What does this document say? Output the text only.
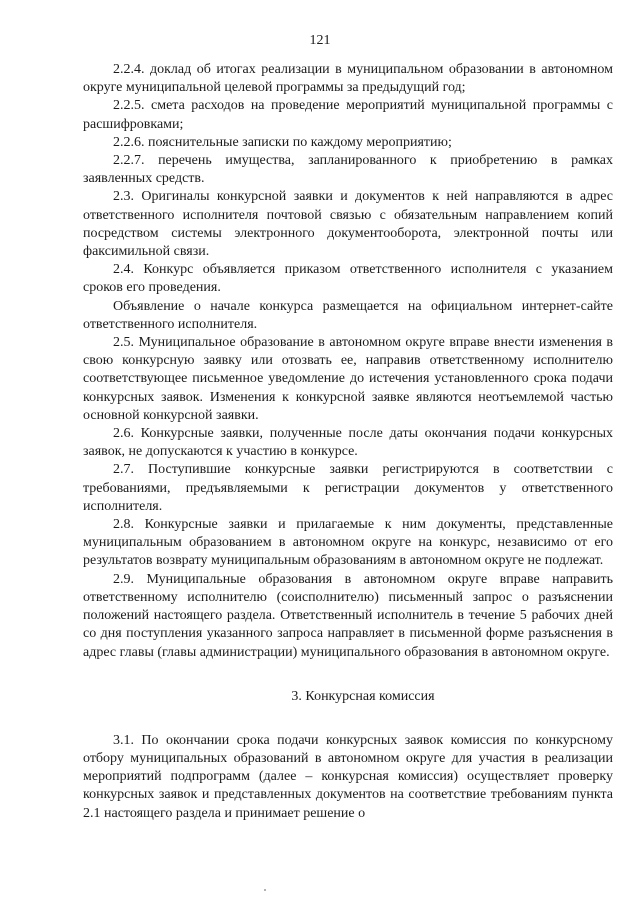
121

2.2.4. доклад об итогах реализации в муниципальном образовании в автономном округе муниципальной целевой программы за предыдущий год;

2.2.5. смета расходов на проведение мероприятий муниципальной программы с расшифровками;

2.2.6. пояснительные записки по каждому мероприятию;

2.2.7. перечень имущества, запланированного к приобретению в рамках заявленных средств.

2.3. Оригиналы конкурсной заявки и документов к ней направляются в адрес ответственного исполнителя почтовой связью с обязательным направлением копий посредством системы электронного документооборота, электронной почты или факсимильной связи.

2.4. Конкурс объявляется приказом ответственного исполнителя с указанием сроков его проведения.

Объявление о начале конкурса размещается на официальном интернет-сайте ответственного исполнителя.

2.5. Муниципальное образование в автономном округе вправе внести изменения в свою конкурсную заявку или отозвать ее, направив ответственному исполнителю соответствующее письменное уведомление до истечения установленного срока подачи конкурсных заявок. Изменения к конкурсной заявке являются неотъемлемой частью основной конкурсной заявки.

2.6. Конкурсные заявки, полученные после даты окончания подачи конкурсных заявок, не допускаются к участию в конкурсе.

2.7. Поступившие конкурсные заявки регистрируются в соответствии с требованиями, предъявляемыми к регистрации документов у ответственного исполнителя.

2.8. Конкурсные заявки и прилагаемые к ним документы, представленные муниципальным образованием в автономном округе на конкурс, независимо от его результатов возврату муниципальным образованиям в автономном округе не подлежат.

2.9. Муниципальные образования в автономном округе вправе направить ответственному исполнителю (соисполнителю) письменный запрос о разъяснении положений настоящего раздела. Ответственный исполнитель в течение 5 рабочих дней со дня поступления указанного запроса направляет в письменной форме разъяснения в адрес главы (главы администрации) муниципального образования в автономном округе.

3. Конкурсная комиссия

3.1. По окончании срока подачи конкурсных заявок комиссия по конкурсному отбору муниципальных образований в автономном округе для участия в реализации мероприятий подпрограмм (далее – конкурсная комиссия) осуществляет проверку конкурсных заявок и представленных документов на соответствие требованиям пункта 2.1 настоящего раздела и принимает решение о
